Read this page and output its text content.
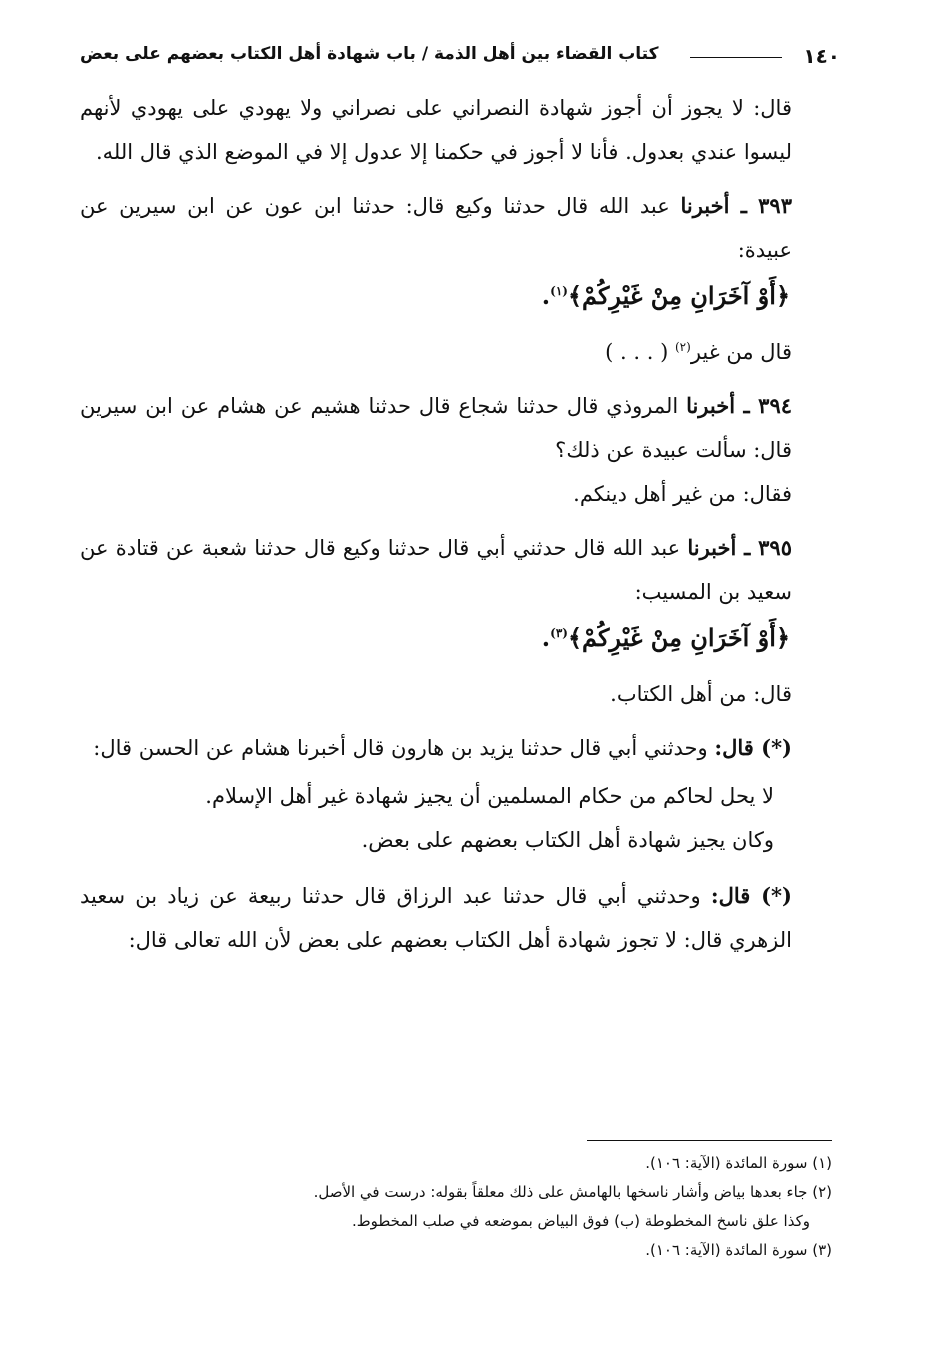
١٤٠
كتاب القضاء بين أهل الذمة / باب شهادة أهل الكتاب بعضهم على بعض

قال: لا يجوز أن أجوز شهادة النصراني على نصراني ولا يهودي على يهودي لأنهم ليسوا عندي بعدول. فأنا لا أجوز في حكمنا إلا عدول إلا في الموضع الذي قال الله.

٣٩٣ ـ أخبرنا عبد الله قال حدثنا وكيع قال: حدثنا ابن عون عن ابن سيرين عن عبيدة:

﴿أَوْ آخَرَانِ مِنْ غَيْرِكُمْ﴾$^{(١)}$.

قال من غير$^{(٢)}$ ( . . . )

٣٩٤ ـ أخبرنا المروذي قال حدثنا شجاع قال حدثنا هشيم عن هشام عن ابن سيرين قال: سألت عبيدة عن ذلك؟

فقال: من غير أهل دينكم.

٣٩٥ ـ أخبرنا عبد الله قال حدثني أبي قال حدثنا وكيع قال حدثنا شعبة عن قتادة عن سعيد بن المسيب:

﴿أَوْ آخَرَانِ مِنْ غَيْرِكُمْ﴾$^{(٣)}$.

قال: من أهل الكتاب.

(*) قال: وحدثني أبي قال حدثنا يزيد بن هارون قال أخبرنا هشام عن الحسن قال:

لا يحل لحاكم من حكام المسلمين أن يجيز شهادة غير أهل الإسلام.
وكان يجيز شهادة أهل الكتاب بعضهم على بعض.

(*) قال: وحدثني أبي قال حدثنا عبد الرزاق قال حدثنا ربيعة عن زياد بن سعيد الزهري قال: لا تجوز شهادة أهل الكتاب بعضهم على بعض لأن الله تعالى قال:

(١) سورة المائدة (الآية: ١٠٦).

(٢) جاء بعدها بياض وأشار ناسخها بالهامش على ذلك معلقاً بقوله: درست في الأصل.

وكذا علق ناسخ المخطوطة (ب) فوق البياض بموضعه في صلب المخطوط.

(٣) سورة المائدة (الآية: ١٠٦).
